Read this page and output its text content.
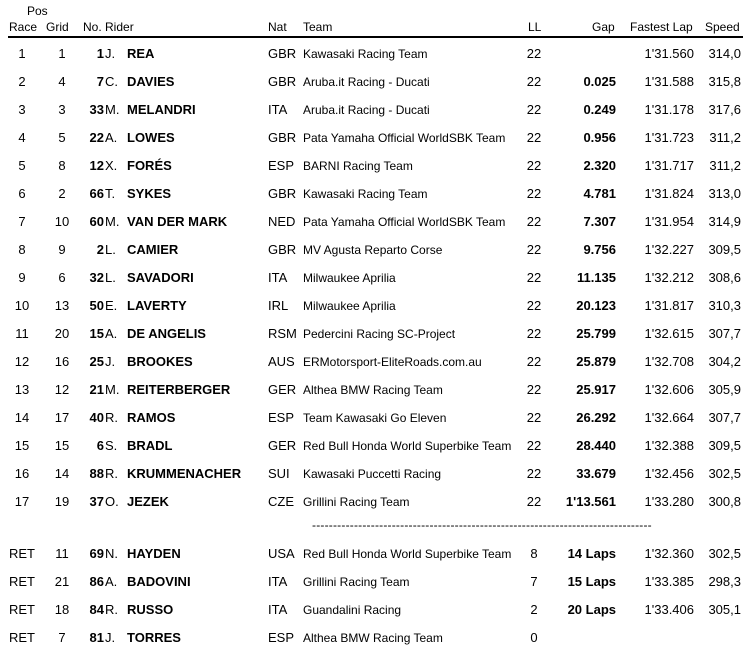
Pos
Race Grid No. Rider	Nat Team	LL	Gap Fastest Lap Speed
1	1	1 J. REA	GBR Kawasaki Racing Team	22	1'31.560	314,0
2	4	7 C. DAVIES	GBR Aruba.it Racing - Ducati	22	0.025	1'31.588	315,8
3	3	33 M. MELANDRI	ITA Aruba.it Racing - Ducati	22	0.249	1'31.178	317,6
4	5	22 A. LOWES	GBR Pata Yamaha Official WorldSBK Team	22	0.956	1'31.723	311,2
5	8	12 X. FORÉS	ESP BARNI Racing Team	22	2.320	1'31.717	311,2
6	2	66 T. SYKES	GBR Kawasaki Racing Team	22	4.781	1'31.824	313,0
7	10	60 M. VAN DER MARK	NED Pata Yamaha Official WorldSBK Team	22	7.307	1'31.954	314,9
8	9	2 L. CAMIER	GBR MV Agusta Reparto Corse	22	9.756	1'32.227	309,5
9	6	32 L. SAVADORI	ITA Milwaukee Aprilia	22	11.135	1'32.212	308,6
10	13	50 E. LAVERTY	IRL Milwaukee Aprilia	22	20.123	1'31.817	310,3
11	20	15 A. DE ANGELIS	RSM Pedercini Racing SC-Project	22	25.799	1'32.615	307,7
12	16	25 J. BROOKES	AUS ERMotorsport-EliteRoads.com.au	22	25.879	1'32.708	304,2
13	12	21 M. REITERBERGER	GER Althea BMW Racing Team	22	25.917	1'32.606	305,9
14	17	40 R. RAMOS	ESP Team Kawasaki Go Eleven	22	26.292	1'32.664	307,7
15	15	6 S. BRADL	GER Red Bull Honda World Superbike Team	22	28.440	1'32.388	309,5
16	14	88 R. KRUMMENACHER SUI Kawasaki Puccetti Racing	22	33.679	1'32.456	302,5
17	19	37 O. JEZEK	CZE Grillini Racing Team	22	1'13.561	1'33.280	300,8
---------------------------------------------------------------------------------
RET	11	69 N. HAYDEN	USA Red Bull Honda World Superbike Team	8	14 Laps	1'32.360	302,5
RET	21	86 A. BADOVINI	ITA Grillini Racing Team	7	15 Laps	1'33.385	298,3
RET	18	84 R. RUSSO	ITA Guandalini Racing	2	20 Laps	1'33.406	305,1
RET	7	81 J. TORRES	ESP Althea BMW Racing Team	0
